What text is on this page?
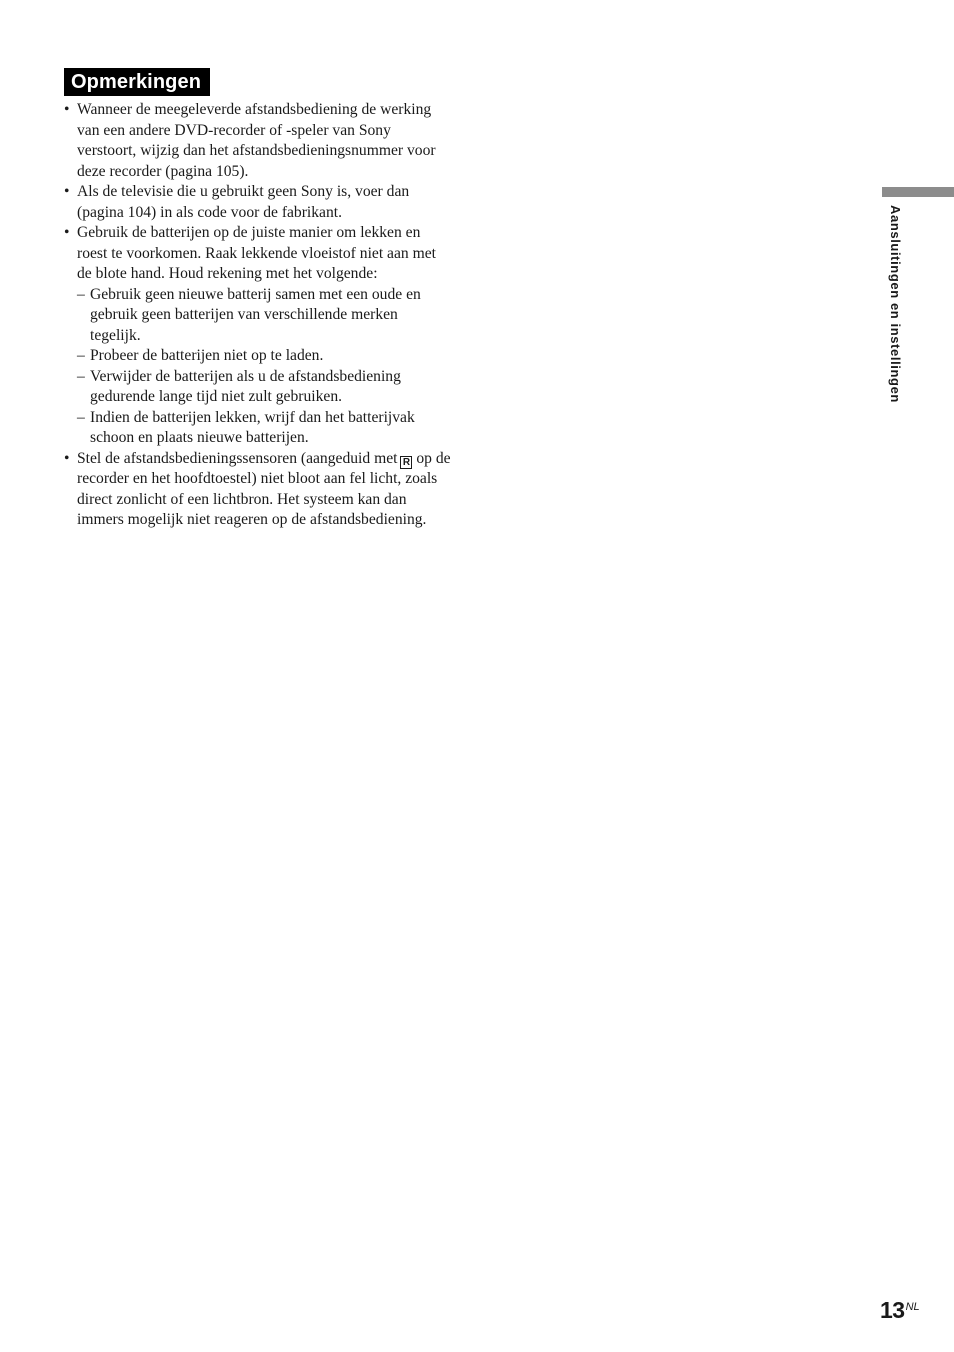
Opmerkingen
• Wanneer de meegeleverde afstandsbediening de werking van een andere DVD-recorder of -speler van Sony verstoort, wijzig dan het afstandsbedieningsnummer voor deze recorder (pagina 105).
• Als de televisie die u gebruikt geen Sony is, voer dan (pagina 104) in als code voor de fabrikant.
• Gebruik de batterijen op de juiste manier om lekken en roest te voorkomen. Raak lekkende vloeistof niet aan met de blote hand. Houd rekening met het volgende:
– Gebruik geen nieuwe batterij samen met een oude en gebruik geen batterijen van verschillende merken tegelijk.
– Probeer de batterijen niet op te laden.
– Verwijder de batterijen als u de afstandsbediening gedurende lange tijd niet zult gebruiken.
– Indien de batterijen lekken, wrijf dan het batterijvak schoon en plaats nieuwe batterijen.
• Stel de afstandsbedieningssensoren (aangeduid met R op de recorder en het hoofdtoestel) niet bloot aan fel licht, zoals direct zonlicht of een lichtbron. Het systeem kan dan immers mogelijk niet reageren op de afstandsbediening.
Aansluitingen en instellingen
$13^{NL}$
